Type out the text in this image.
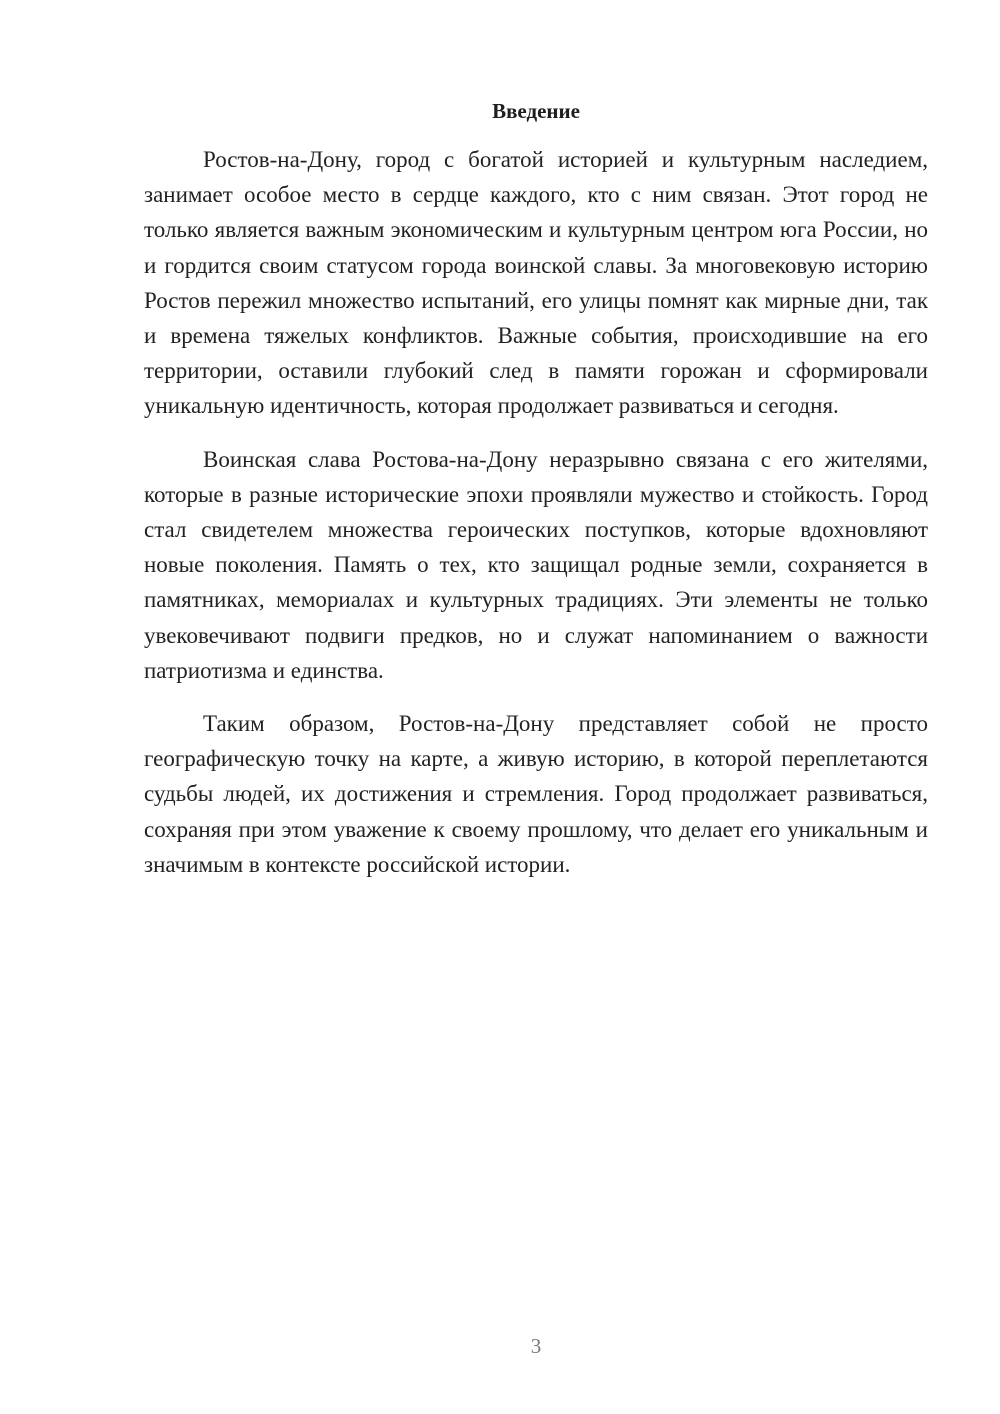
Введение

Ростов-на-Дону, город с богатой историей и культурным наследием, занимает особое место в сердце каждого, кто с ним связан. Этот город не только является важным экономическим и культурным центром юга России, но и гордится своим статусом города воинской славы. За многовековую историю Ростов пережил множество испытаний, его улицы помнят как мирные дни, так и времена тяжелых конфликтов. Важные события, происходившие на его территории, оставили глубокий след в памяти горожан и сформировали уникальную идентичность, которая продолжает развиваться и сегодня.

Воинская слава Ростова-на-Дону неразрывно связана с его жителями, которые в разные исторические эпохи проявляли мужество и стойкость. Город стал свидетелем множества героических поступков, которые вдохновляют новые поколения. Память о тех, кто защищал родные земли, сохраняется в памятниках, мемориалах и культурных традициях. Эти элементы не только увековечивают подвиги предков, но и служат напоминанием о важности патриотизма и единства.

Таким образом, Ростов-на-Дону представляет собой не просто географическую точку на карте, а живую историю, в которой переплетаются судьбы людей, их достижения и стремления. Город продолжает развиваться, сохраняя при этом уважение к своему прошлому, что делает его уникальным и значимым в контексте российской истории.

3
